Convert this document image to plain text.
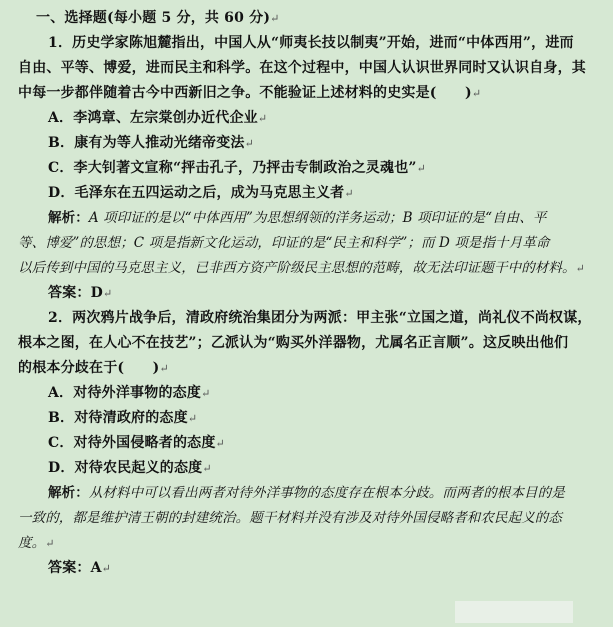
一、选择题(每小题 5 分，共 60 分)↵
1．历史学家陈旭麓指出，中国人从“师夷长技以制夷”开始，进而“中体西用”，进而
自由、平等、博爱，进而民主和科学。在这个过程中，中国人认识世界同时又认识自身，其
中每一步都伴随着古今中西新旧之争。不能验证上述材料的史实是(　　)↵
A．李鸿章、左宗棠创办近代企业↵
B．康有为等人推动光绪帝变法↵
C．李大钊著文宣称“抨击孔子，乃抨击专制政治之灵魂也”↵
D．毛泽东在五四运动之后，成为马克思主义者↵
解析：A 项印证的是以“中体西用”为思想纲领的洋务运动；B 项印证的是“自由、平
等、博爱”的思想；C 项是指新文化运动，印证的是“民主和科学”；而 D 项是指十月革命
以后传到中国的马克思主义，已非西方资产阶级民主思想的范畴，故无法印证题干中的材料。↵
答案：D↵
2．两次鸦片战争后，清政府统治集团分为两派：甲主张“立国之道，尚礼仪不尚权谋，
根本之图，在人心不在技艺”；乙派认为“购买外洋器物，尤属名正言顺”。这反映出他们
的根本分歧在于(　　)↵
A．对待外洋事物的态度↵
B．对待清政府的态度↵
C．对待外国侵略者的态度↵
D．对待农民起义的态度↵
解析：从材料中可以看出两者对待外洋事物的态度存在根本分歧。而两者的根本目的是
一致的，都是维护清王朝的封建统治。题干材料并没有涉及对待外国侵略者和农民起义的态
度。↵
答案：A↵
